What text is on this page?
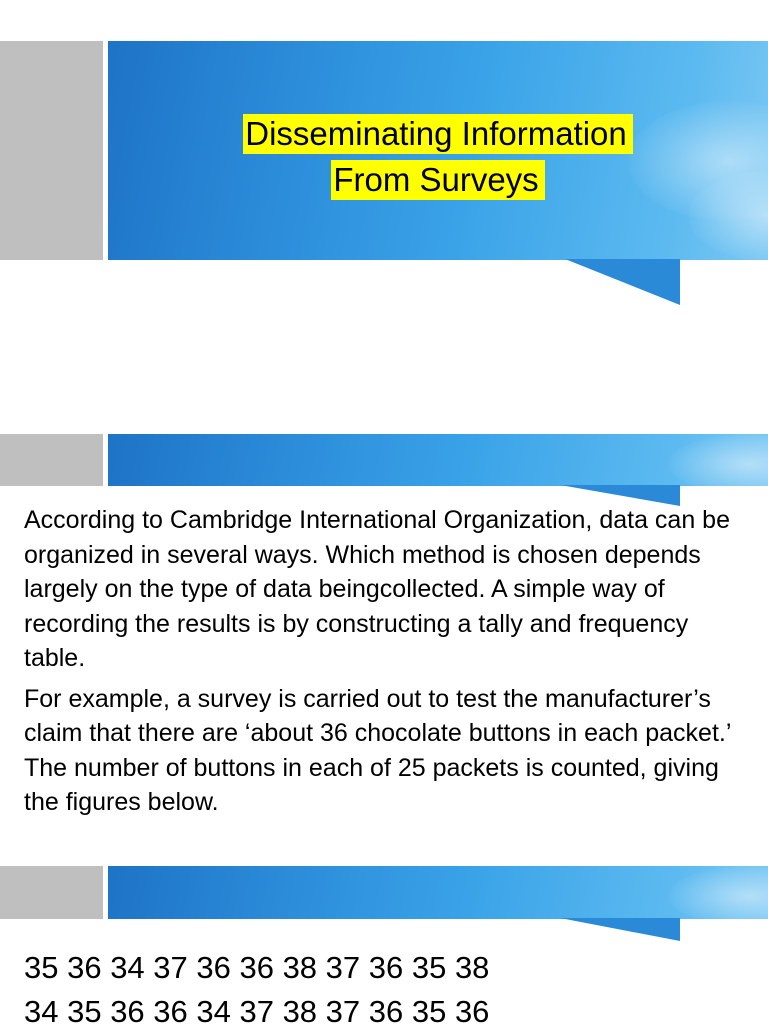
Disseminating Information
From Surveys

According to Cambridge International Organization, data can be organized in several ways. Which method is chosen depends largely on the type of data beingcollected. A simple way of recording the results is by constructing a tally and frequency table.

For example, a survey is carried out to test the manufacturer’s claim that there are ‘about 36 chocolate buttons in each packet.’ The number of buttons in each of 25 packets is counted, giving the figures below.

35 36 34 37 36 36 38 37 36 35 38
34 35 36 36 34 37 38 37 36 35 36
